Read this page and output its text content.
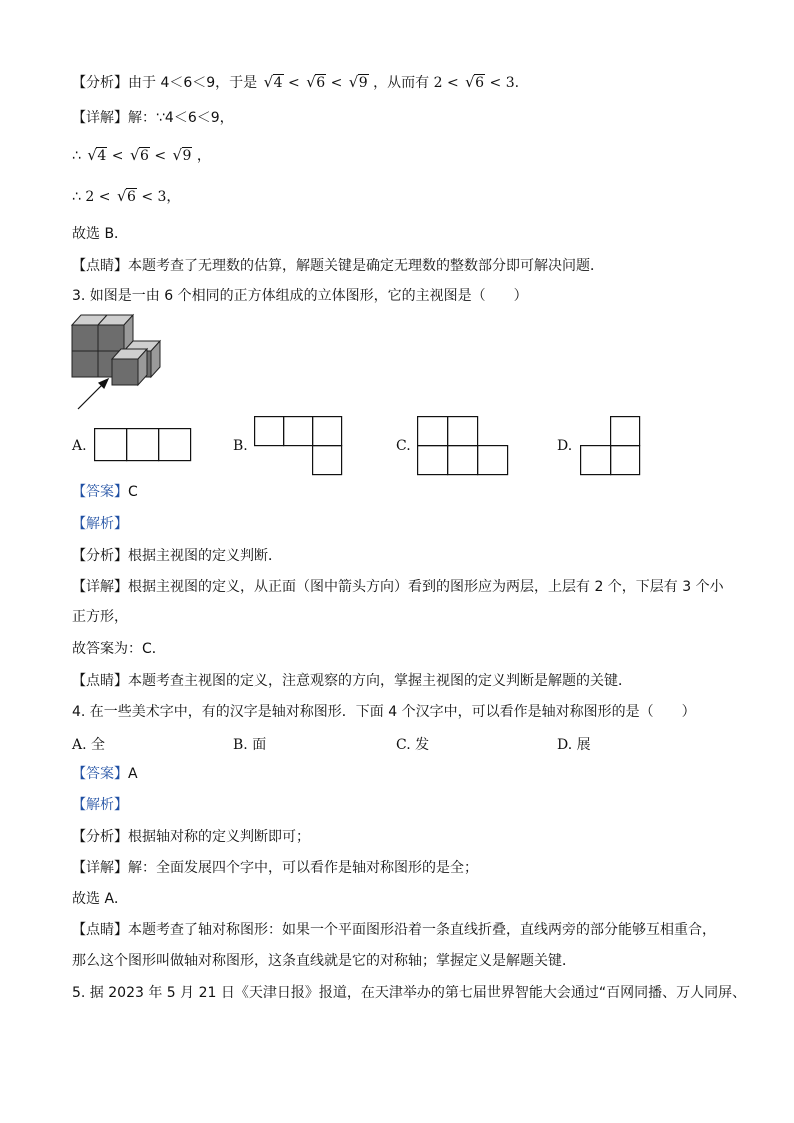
【分析】由于 4＜6＜9，于是 √ 4 < √ 6 < √ 9 ，从而有 2 < √ 6 < 3.
【详解】解：∵4＜6＜9，
∴ √ 4 < √ 6 < √ 9 ，
∴ 2 < √ 6 < 3，
故选 B．
【点睛】本题考查了无理数的估算，解题关键是确定无理数的整数部分即可解决问题．
3. 如图是一由 6 个相同的正方体组成的立体图形，它的主视图是（　　）
A.	B.	C.	D.
【答案】C
【解析】
【分析】根据主视图的定义判断．
【详解】根据主视图的定义，从正面（图中箭头方向）看到的图形应为两层，上层有 2 个，下层有 3 个小
正方形，
故答案为：C．
【点睛】本题考查主视图的定义，注意观察的方向，掌握主视图的定义判断是解题的关键．
4. 在一些美术字中，有的汉字是轴对称图形．下面 4 个汉字中，可以看作是轴对称图形的是（　　）
A. 全	B. 面	C. 发	D. 展
【答案】A
【解析】
【分析】根据轴对称的定义判断即可；
【详解】解：全面发展四个字中，可以看作是轴对称图形的是全；
故选 A．
【点睛】本题考查了轴对称图形：如果一个平面图形沿着一条直线折叠，直线两旁的部分能够互相重合，
那么这个图形叫做轴对称图形，这条直线就是它的对称轴；掌握定义是解题关键．
5. 据 2023 年 5 月 21 日《天津日报》报道，在天津举办的第七届世界智能大会通过“百网同播、万人同屏、
